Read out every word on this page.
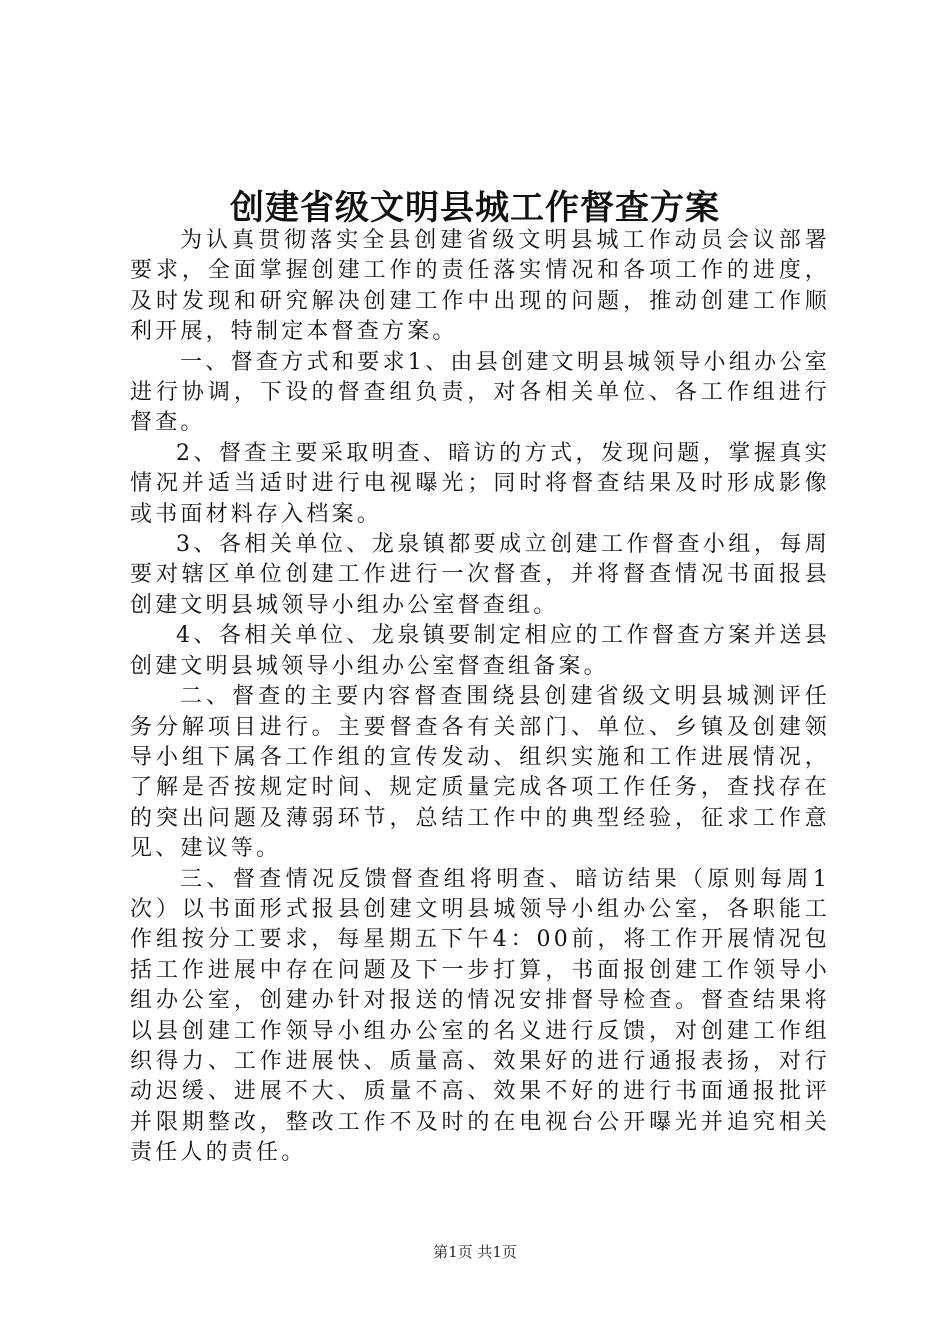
创建省级文明县城工作督查方案

为认真贯彻落实全县创建省级文明县城工作动员会议部署要求，全面掌握创建工作的责任落实情况和各项工作的进度，及时发现和研究解决创建工作中出现的问题，推动创建工作顺利开展，特制定本督查方案。

一、督查方式和要求1、由县创建文明县城领导小组办公室进行协调，下设的督查组负责，对各相关单位、各工作组进行督查。

2、督查主要采取明查、暗访的方式，发现问题，掌握真实情况并适当适时进行电视曝光；同时将督查结果及时形成影像或书面材料存入档案。

3、各相关单位、龙泉镇都要成立创建工作督查小组，每周要对辖区单位创建工作进行一次督查，并将督查情况书面报县创建文明县城领导小组办公室督查组。

4、各相关单位、龙泉镇要制定相应的工作督查方案并送县创建文明县城领导小组办公室督查组备案。

二、督查的主要内容督查围绕县创建省级文明县城测评任务分解项目进行。主要督查各有关部门、单位、乡镇及创建领导小组下属各工作组的宣传发动、组织实施和工作进展情况，了解是否按规定时间、规定质量完成各项工作任务，查找存在的突出问题及薄弱环节，总结工作中的典型经验，征求工作意见、建议等。

三、督查情况反馈督查组将明查、暗访结果（原则每周1次）以书面形式报县创建文明县城领导小组办公室，各职能工作组按分工要求，每星期五下午4：00前，将工作开展情况包括工作进展中存在问题及下一步打算，书面报创建工作领导小组办公室，创建办针对报送的情况安排督导检查。督查结果将以县创建工作领导小组办公室的名义进行反馈，对创建工作组织得力、工作进展快、质量高、效果好的进行通报表扬，对行动迟缓、进展不大、质量不高、效果不好的进行书面通报批评并限期整改，整改工作不及时的在电视台公开曝光并追究相关责任人的责任。

第1页 共1页
